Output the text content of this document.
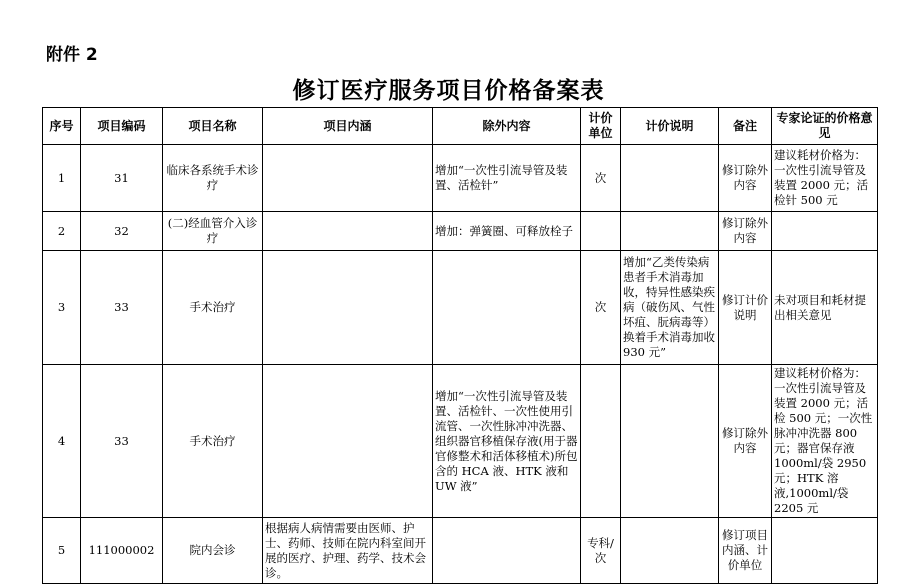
附件 2
修订医疗服务项目价格备案表
序号	项目编码	项目名称	项目内涵	除外内容	计价单位	计价说明	备注	专家论证的价格意见
1	31	临床各系统手术诊疗		增加“一次性引流导管及装置、活检针”	次		修订除外内容	建议耗材价格为：一次性引流导管及装置 2000 元；活检针 500 元
2	32	(二)经血管介入诊疗		增加：弹簧圈、可释放栓子			修订除外内容	
3	33	手术治疗			次	增加“乙类传染病患者手术消毒加收，特异性感染疾病（破伤风、气性坏疽、朊病毒等）换着手术消毒加收 930 元”	修订计价说明	未对项目和耗材提出相关意见
4	33	手术治疗		增加“一次性引流导管及装置、活检针、一次性使用引流管、一次性脉冲冲洗器、组织器官移植保存液(用于器官修整术和活体移植术)所包含的 HCA 液、HTK 液和 UW 液”			修订除外内容	建议耗材价格为：一次性引流导管及装置 2000 元；活检 500 元；一次性脉冲冲洗器 800 元；器官保存液 1000ml/袋 2950 元；HTK 溶液,1000ml/袋 2205 元
5	111000002	院内会诊	根据病人病情需要由医师、护士、药师、技师在院内科室间开展的医疗、护理、药学、技术会诊。		专科/次		修订项目内涵、计价单位	
